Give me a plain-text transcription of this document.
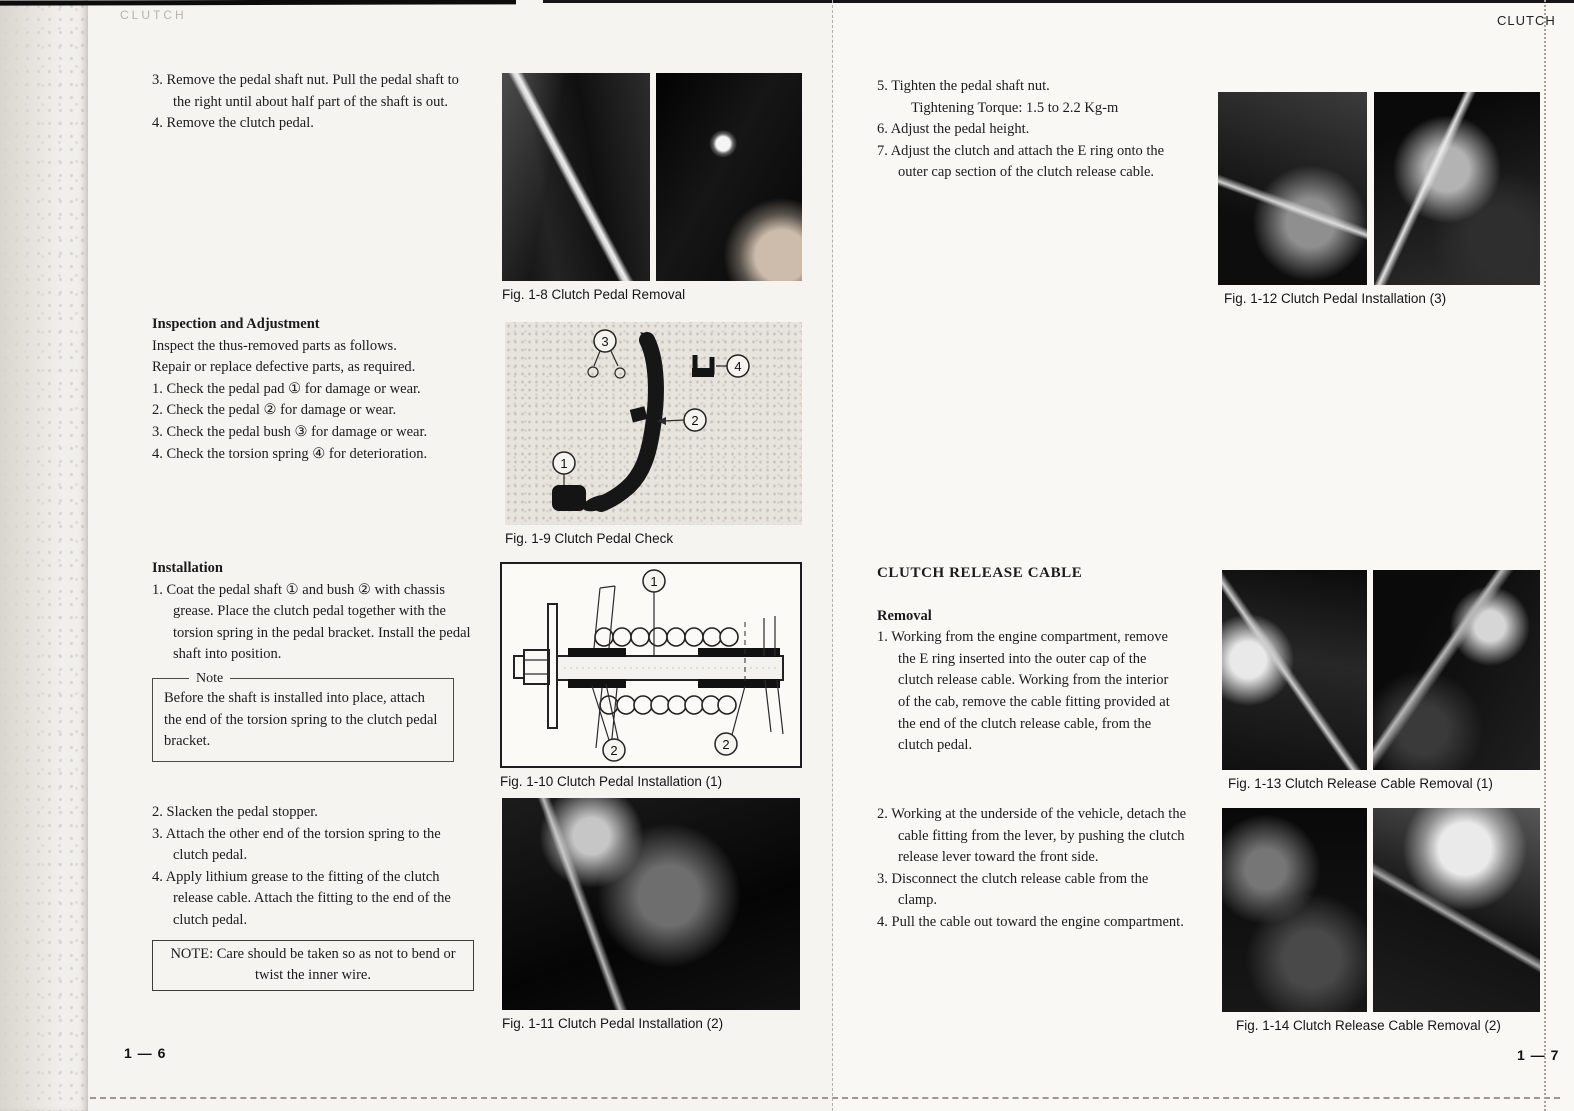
CLUTCH

3. Remove the pedal shaft nut. Pull the pedal shaft to the right until about half part of the shaft is out.

4. Remove the clutch pedal.

Fig. 1-8 Clutch Pedal Removal

Inspection and Adjustment

Inspect the thus-removed parts as follows.

Repair or replace defective parts, as required.

1. Check the pedal pad ① for damage or wear.

2. Check the pedal ② for damage or wear.

3. Check the pedal bush ③ for damage or wear.

4. Check the torsion spring ④ for deterioration.

1
3
4
2
Fig. 1-9 Clutch Pedal Check

Installation

1. Coat the pedal shaft ① and bush ② with chassis grease. Place the clutch pedal together with the torsion spring in the pedal bracket. Install the pedal shaft into position.

Note

Before the shaft is installed into place, attach the end of the torsion spring to the clutch pedal bracket.

1
2	2
Fig. 1-10 Clutch Pedal Installation (1)

2. Slacken the pedal stopper.

3. Attach the other end of the torsion spring to the clutch pedal.

4. Apply lithium grease to the fitting of the clutch release cable. Attach the fitting to the end of the clutch pedal.

NOTE: Care should be taken so as not to bend or twist the inner wire.

Fig. 1-11 Clutch Pedal Installation (2)
1 — 6
CLUTCH

5. Tighten the pedal shaft nut.

Tightening Torque: 1.5 to 2.2 Kg-m

6. Adjust the pedal height.

7. Adjust the clutch and attach the E ring onto the outer cap section of the clutch release cable.

Fig. 1-12 Clutch Pedal Installation (3)

CLUTCH RELEASE CABLE

Removal

1. Working from the engine compartment, remove the E ring inserted into the outer cap of the clutch release cable. Working from the interior of the cab, remove the cable fitting provided at the end of the clutch release cable, from the clutch pedal.

Fig. 1-13 Clutch Release Cable Removal (1)

2. Working at the underside of the vehicle, detach the cable fitting from the lever, by pushing the clutch release lever toward the front side.

3. Disconnect the clutch release cable from the clamp.

4. Pull the cable out toward the engine compartment.

Fig. 1-14 Clutch Release Cable Removal (2)
1 — 7
